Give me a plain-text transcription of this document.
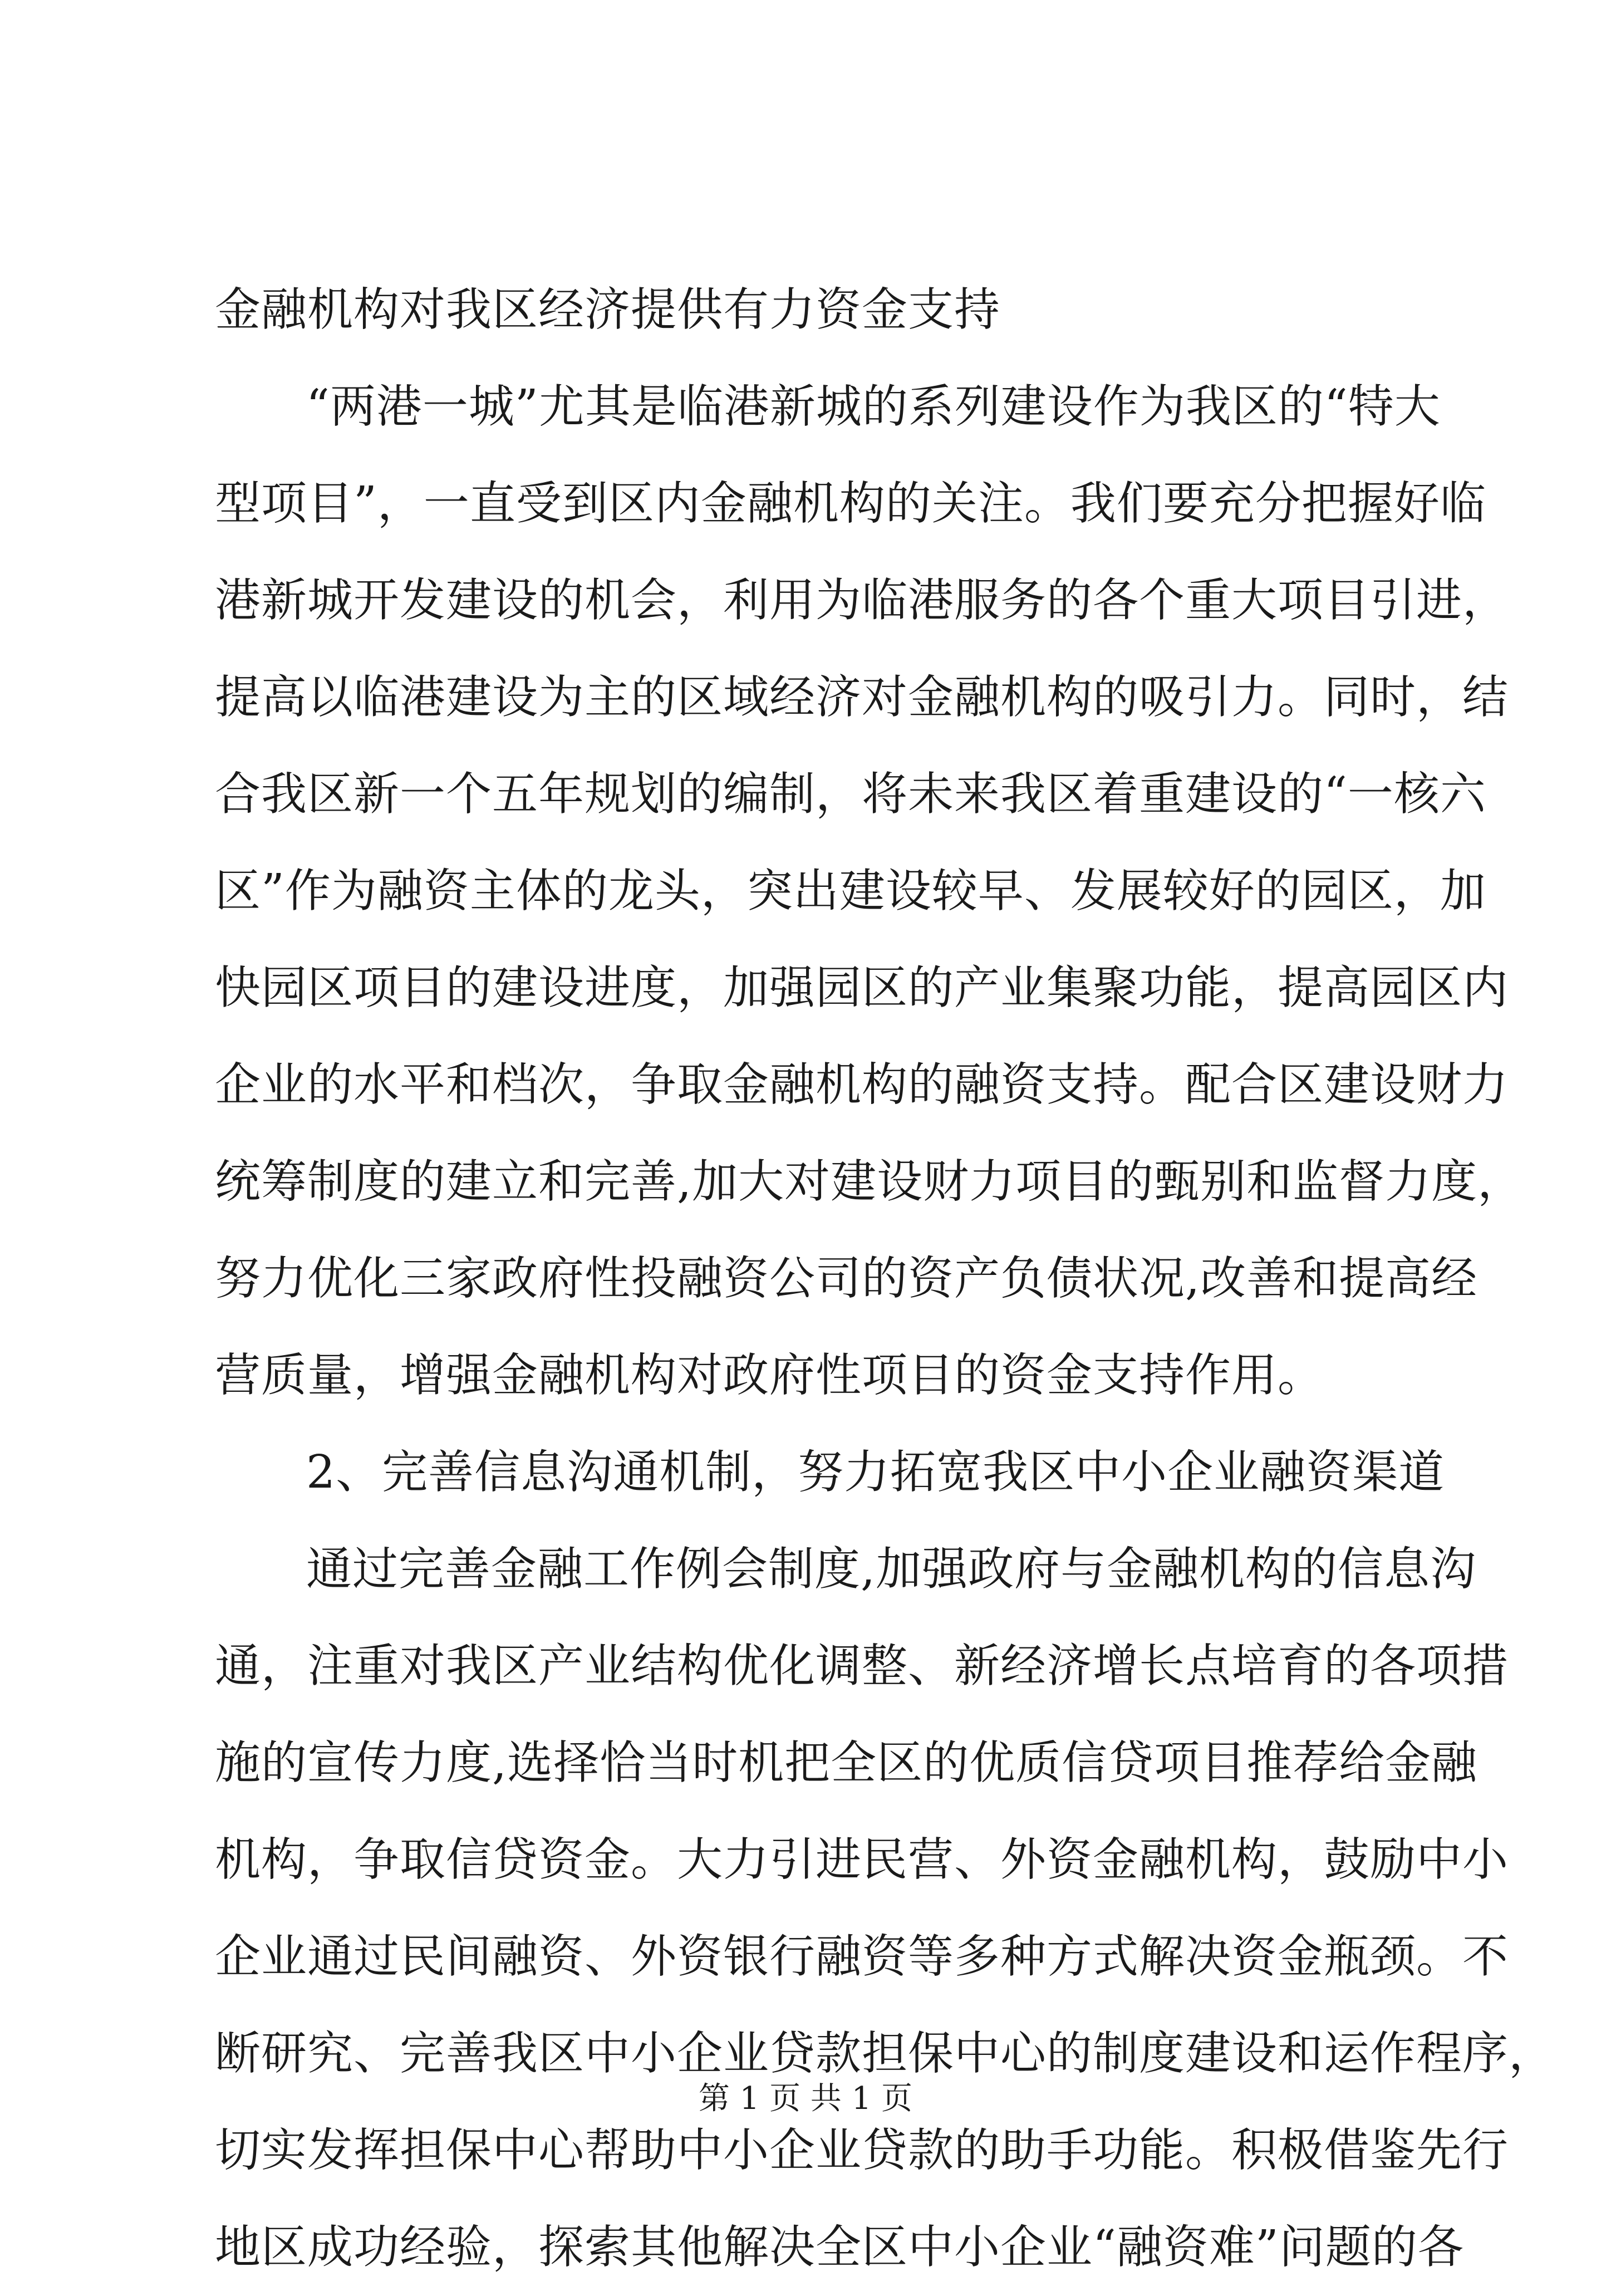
金融机构对我区经济提供有力资金支持
“两港一城”尤其是临港新城的系列建设作为我区的“特大
型项目”，一直受到区内金融机构的关注。我们要充分把握好临
港新城开发建设的机会，利用为临港服务的各个重大项目引进，
提高以临港建设为主的区域经济对金融机构的吸引力。同时，结
合我区新一个五年规划的编制，将未来我区着重建设的“一核六
区”作为融资主体的龙头，突出建设较早、发展较好的园区，加
快园区项目的建设进度，加强园区的产业集聚功能，提高园区内
企业的水平和档次，争取金融机构的融资支持。配合区建设财力
统筹制度的建立和完善,加大对建设财力项目的甄别和监督力度，
努力优化三家政府性投融资公司的资产负债状况,改善和提高经
营质量，增强金融机构对政府性项目的资金支持作用。
2、完善信息沟通机制，努力拓宽我区中小企业融资渠道
通过完善金融工作例会制度,加强政府与金融机构的信息沟
通，注重对我区产业结构优化调整、新经济增长点培育的各项措
施的宣传力度,选择恰当时机把全区的优质信贷项目推荐给金融
机构，争取信贷资金。大力引进民营、外资金融机构，鼓励中小
企业通过民间融资、外资银行融资等多种方式解决资金瓶颈。不
断研究、完善我区中小企业贷款担保中心的制度建设和运作程序，
切实发挥担保中心帮助中小企业贷款的助手功能。积极借鉴先行
地区成功经验，探索其他解决全区中小企业“融资难”问题的各
第 1 页 共 1 页
